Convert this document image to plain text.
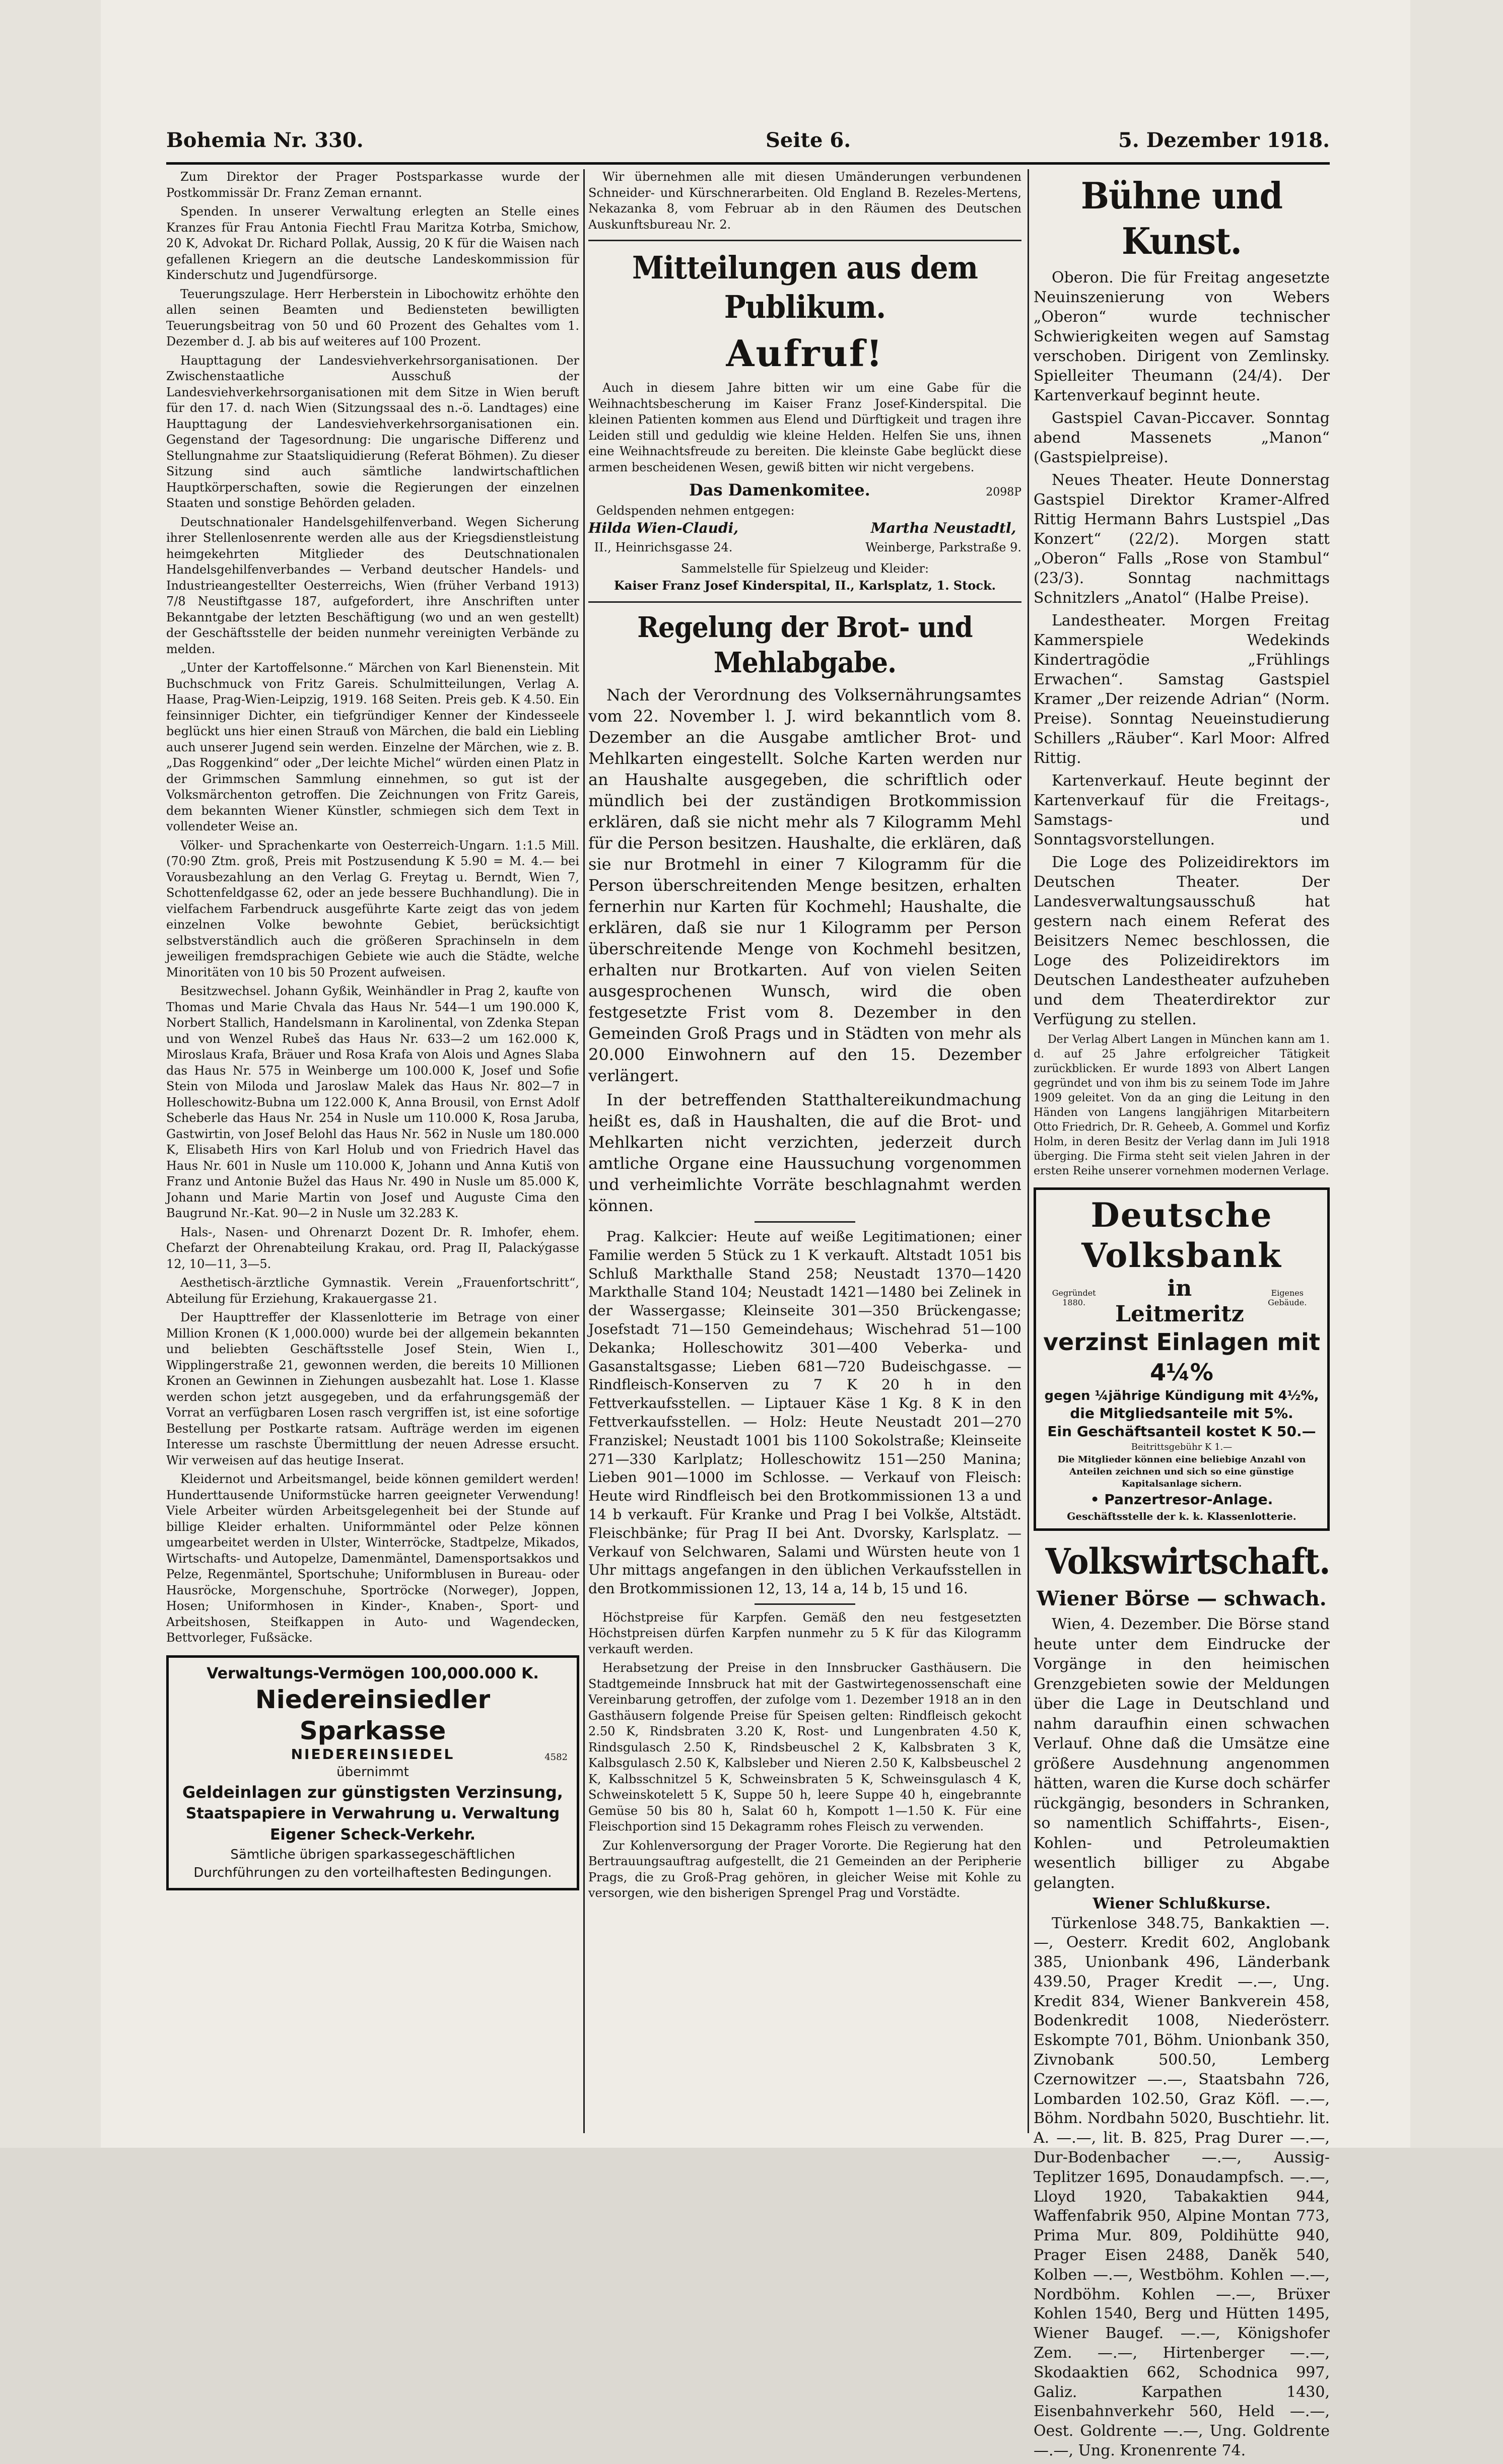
Bohemia Nr. 330.	Seite 6.	5. Dezember 1918.

Zum Direktor der Prager Postsparkasse wurde der Postkommissär Dr. Franz Zeman ernannt.

Spenden. In unserer Verwaltung erlegten an Stelle eines Kranzes für Frau Antonia Fiechtl Frau Maritza Kotrba, Smichow, 20 K, Advokat Dr. Richard Pollak, Aussig, 20 K für die Waisen nach gefallenen Kriegern an die deutsche Landeskommission für Kinderschutz und Jugendfürsorge.

Teuerungszulage. Herr Herberstein in Libochowitz erhöhte den allen seinen Beamten und Bediensteten bewilligten Teuerungsbeitrag von 50 und 60 Prozent des Gehaltes vom 1. Dezember d. J. ab bis auf weiteres auf 100 Prozent.

Haupttagung der Landesviehverkehrsorganisationen. Der Zwischenstaatliche Ausschuß der Landesviehverkehrsorganisationen mit dem Sitze in Wien beruft für den 17. d. nach Wien (Sitzungssaal des n.-ö. Landtages) eine Haupttagung der Landesviehverkehrsorganisationen ein. Gegenstand der Tagesordnung: Die ungarische Differenz und Stellungnahme zur Staatsliquidierung (Referat Böhmen). Zu dieser Sitzung sind auch sämtliche landwirtschaftlichen Hauptkörperschaften, sowie die Regierungen der einzelnen Staaten und sonstige Behörden geladen.

Deutschnationaler Handelsgehilfenverband. Wegen Sicherung ihrer Stellenlosenrente werden alle aus der Kriegsdienstleistung heimgekehrten Mitglieder des Deutschnationalen Handelsgehilfenverbandes — Verband deutscher Handels- und Industrieangestellter Oesterreichs, Wien (früher Verband 1913) 7/8 Neustiftgasse 187, aufgefordert, ihre Anschriften unter Bekanntgabe der letzten Beschäftigung (wo und an wen gestellt) der Geschäftsstelle der beiden nunmehr vereinigten Verbände zu melden.

„Unter der Kartoffelsonne.“ Märchen von Karl Bienenstein. Mit Buchschmuck von Fritz Gareis. Schulmitteilungen, Verlag A. Haase, Prag-Wien-Leipzig, 1919. 168 Seiten. Preis geb. K 4.50. Ein feinsinniger Dichter, ein tiefgründiger Kenner der Kindesseele beglückt uns hier einen Strauß von Märchen, die bald ein Liebling auch unserer Jugend sein werden. Einzelne der Märchen, wie z. B. „Das Roggenkind“ oder „Der leichte Michel“ würden einen Platz in der Grimmschen Sammlung einnehmen, so gut ist der Volksmärchenton getroffen. Die Zeichnungen von Fritz Gareis, dem bekannten Wiener Künstler, schmiegen sich dem Text in vollendeter Weise an.

Völker- und Sprachenkarte von Oesterreich-Ungarn. 1:1.5 Mill. (70:90 Ztm. groß, Preis mit Postzusendung K 5.90 = M. 4.— bei Vorausbezahlung an den Verlag G. Freytag u. Berndt, Wien 7, Schottenfeldgasse 62, oder an jede bessere Buchhandlung). Die in vielfachem Farbendruck ausgeführte Karte zeigt das von jedem einzelnen Volke bewohnte Gebiet, berücksichtigt selbstverständlich auch die größeren Sprachinseln in dem jeweiligen fremdsprachigen Gebiete wie auch die Städte, welche Minoritäten von 10 bis 50 Prozent aufweisen.

Besitzwechsel. Johann Gyßik, Weinhändler in Prag 2, kaufte von Thomas und Marie Chvala das Haus Nr. 544—1 um 190.000 K, Norbert Stallich, Handelsmann in Karolinental, von Zdenka Stepan und von Wenzel Rubeš das Haus Nr. 633—2 um 162.000 K, Miroslaus Krafa, Bräuer und Rosa Krafa von Alois und Agnes Slaba das Haus Nr. 575 in Weinberge um 100.000 K, Josef und Sofie Stein von Miloda und Jaroslaw Malek das Haus Nr. 802—7 in Holleschowitz-Bubna um 122.000 K, Anna Brousil, von Ernst Adolf Scheberle das Haus Nr. 254 in Nusle um 110.000 K, Rosa Jaruba, Gastwirtin, von Josef Belohl das Haus Nr. 562 in Nusle um 180.000 K, Elisabeth Hirs von Karl Holub und von Friedrich Havel das Haus Nr. 601 in Nusle um 110.000 K, Johann und Anna Kutiš von Franz und Antonie Bužel das Haus Nr. 490 in Nusle um 85.000 K, Johann und Marie Martin von Josef und Auguste Cima den Baugrund Nr.-Kat. 90—2 in Nusle um 32.283 K.

Hals-, Nasen- und Ohrenarzt Dozent Dr. R. Imhofer, ehem. Chefarzt der Ohrenabteilung Krakau, ord. Prag II, Palackýgasse 12, 10—11, 3—5.

Aesthetisch-ärztliche Gymnastik. Verein „Frauenfortschritt“, Abteilung für Erziehung, Krakauergasse 21.

Der Haupttreffer der Klassenlotterie im Betrage von einer Million Kronen (K 1,000.000) wurde bei der allgemein bekannten und beliebten Geschäftsstelle Josef Stein, Wien I., Wipplingerstraße 21, gewonnen werden, die bereits 10 Millionen Kronen an Gewinnen in Ziehungen ausbezahlt hat. Lose 1. Klasse werden schon jetzt ausgegeben, und da erfahrungsgemäß der Vorrat an verfügbaren Losen rasch vergriffen ist, ist eine sofortige Bestellung per Postkarte ratsam. Aufträge werden im eigenen Interesse um raschste Übermittlung der neuen Adresse ersucht. Wir verweisen auf das heutige Inserat.

Kleidernot und Arbeitsmangel, beide können gemildert werden! Hunderttausende Uniformstücke harren geeigneter Verwendung! Viele Arbeiter würden Arbeitsgelegenheit bei der Stunde auf billige Kleider erhalten. Uniformmäntel oder Pelze können umgearbeitet werden in Ulster, Winterröcke, Stadtpelze, Mikados, Wirtschafts- und Autopelze, Damenmäntel, Damensportsakkos und Pelze, Regenmäntel, Sportschuhe; Uniformblusen in Bureau- oder Hausröcke, Morgenschuhe, Sportröcke (Norweger), Joppen, Hosen; Uniformhosen in Kinder-, Knaben-, Sport- und Arbeitshosen, Steifkappen in Auto- und Wagendecken, Bettvorleger, Fußsäcke.

Verwaltungs-Vermögen 100,000.000 K.
Niedereinsiedler Sparkasse
NIEDEREINSIEDEL	4582
übernimmt
Geldeinlagen zur günstigsten Verzinsung,
Staatspapiere in Verwahrung u. Verwaltung
Eigener Scheck-Verkehr.
Sämtliche übrigen sparkassegeschäftlichen Durchführungen zu den vorteilhaftesten Bedingungen.

Wir übernehmen alle mit diesen Umänderungen verbundenen Schneider- und Kürschnerarbeiten. Old England B. Rezeles-Mertens, Nekazanka 8, vom Februar ab in den Räumen des Deutschen Auskunftsbureau Nr. 2.

Mitteilungen aus dem Publikum.
Aufruf!

Auch in diesem Jahre bitten wir um eine Gabe für die Weihnachtsbescherung im Kaiser Franz Josef-Kinderspital. Die kleinen Patienten kommen aus Elend und Dürftigkeit und tragen ihre Leiden still und geduldig wie kleine Helden. Helfen Sie uns, ihnen eine Weihnachtsfreude zu bereiten. Die kleinste Gabe beglückt diese armen bescheidenen Wesen, gewiß bitten wir nicht vergebens.

Das Damenkomitee.	2098P
Geldspenden nehmen entgegen:
Hilda Wien-Claudi,
II., Heinrichsgasse 24.
Martha Neustadtl,
Weinberge, Parkstraße 9.
Sammelstelle für Spielzeug und Kleider:
Kaiser Franz Josef Kinderspital, II., Karlsplatz, 1. Stock.
Regelung der Brot- und Mehlabgabe.

Nach der Verordnung des Volksernährungsamtes vom 22. November l. J. wird bekanntlich vom 8. Dezember an die Ausgabe amtlicher Brot- und Mehlkarten eingestellt. Solche Karten werden nur an Haushalte ausgegeben, die schriftlich oder mündlich bei der zuständigen Brotkommission erklären, daß sie nicht mehr als 7 Kilogramm Mehl für die Person besitzen. Haushalte, die erklären, daß sie nur Brotmehl in einer 7 Kilogramm für die Person überschreitenden Menge besitzen, erhalten fernerhin nur Karten für Kochmehl; Haushalte, die erklären, daß sie nur 1 Kilogramm per Person überschreitende Menge von Kochmehl besitzen, erhalten nur Brotkarten. Auf von vielen Seiten ausgesprochenen Wunsch, wird die oben festgesetzte Frist vom 8. Dezember in den Gemeinden Groß Prags und in Städten von mehr als 20.000 Einwohnern auf den 15. Dezember verlängert.

In der betreffenden Statthaltereikundmachung heißt es, daß in Haushalten, die auf die Brot- und Mehlkarten nicht verzichten, jederzeit durch amtliche Organe eine Haussuchung vorgenommen und verheimlichte Vorräte beschlagnahmt werden können.

Prag. Kalkcier: Heute auf weiße Legitimationen; einer Familie werden 5 Stück zu 1 K verkauft. Altstadt 1051 bis Schluß Markthalle Stand 258; Neustadt 1370—1420 Markthalle Stand 104; Neustadt 1421—1480 bei Zelinek in der Wassergasse; Kleinseite 301—350 Brückengasse; Josefstadt 71—150 Gemeindehaus; Wischehrad 51—100 Dekanka; Holleschowitz 301—400 Veberka- und Gasanstaltsgasse; Lieben 681—720 Budeischgasse. — Rindfleisch-Konserven zu 7 K 20 h in den Fettverkaufsstellen. — Liptauer Käse 1 Kg. 8 K in den Fettverkaufsstellen. — Holz: Heute Neustadt 201—270 Franziskel; Neustadt 1001 bis 1100 Sokolstraße; Kleinseite 271—330 Karlplatz; Holleschowitz 151—250 Manina; Lieben 901—1000 im Schlosse. — Verkauf von Fleisch: Heute wird Rindfleisch bei den Brotkommissionen 13 a und 14 b verkauft. Für Kranke und Prag I bei Volkše, Altstädt. Fleischbänke; für Prag II bei Ant. Dvorsky, Karlsplatz. — Verkauf von Selchwaren, Salami und Würsten heute von 1 Uhr mittags angefangen in den üblichen Verkaufsstellen in den Brotkommissionen 12, 13, 14 a, 14 b, 15 und 16.

Höchstpreise für Karpfen. Gemäß den neu festgesetzten Höchstpreisen dürfen Karpfen nunmehr zu 5 K für das Kilogramm verkauft werden.

Herabsetzung der Preise in den Innsbrucker Gasthäusern. Die Stadtgemeinde Innsbruck hat mit der Gastwirtegenossenschaft eine Vereinbarung getroffen, der zufolge vom 1. Dezember 1918 an in den Gasthäusern folgende Preise für Speisen gelten: Rindfleisch gekocht 2.50 K, Rindsbraten 3.20 K, Rost- und Lungenbraten 4.50 K, Rindsgulasch 2.50 K, Rindsbeuschel 2 K, Kalbsbraten 3 K, Kalbsgulasch 2.50 K, Kalbsleber und Nieren 2.50 K, Kalbsbeuschel 2 K, Kalbsschnitzel 5 K, Schweinsbraten 5 K, Schweinsgulasch 4 K, Schweinskotelett 5 K, Suppe 50 h, leere Suppe 40 h, eingebrannte Gemüse 50 bis 80 h, Salat 60 h, Kompott 1—1.50 K. Für eine Fleischportion sind 15 Dekagramm rohes Fleisch zu verwenden.

Zur Kohlenversorgung der Prager Vororte. Die Regierung hat den Bertrauungsauftrag aufgestellt, die 21 Gemeinden an der Peripherie Prags, die zu Groß-Prag gehören, in gleicher Weise mit Kohle zu versorgen, wie den bisherigen Sprengel Prag und Vorstädte.

Bühne und Kunst.

Oberon. Die für Freitag angesetzte Neuinszenierung von Webers „Oberon“ wurde technischer Schwierigkeiten wegen auf Samstag verschoben. Dirigent von Zemlinsky. Spielleiter Theumann (24/4). Der Kartenverkauf beginnt heute.

Gastspiel Cavan-Piccaver. Sonntag abend Massenets „Manon“ (Gastspielpreise).

Neues Theater. Heute Donnerstag Gastspiel Direktor Kramer-Alfred Rittig Hermann Bahrs Lustspiel „Das Konzert“ (22/2). Morgen statt „Oberon“ Falls „Rose von Stambul“ (23/3). Sonntag nachmittags Schnitzlers „Anatol“ (Halbe Preise).

Landestheater. Morgen Freitag Kammerspiele Wedekinds Kindertragödie „Frühlings Erwachen“. Samstag Gastspiel Kramer „Der reizende Adrian“ (Norm. Preise). Sonntag Neueinstudierung Schillers „Räuber“. Karl Moor: Alfred Rittig.

Kartenverkauf. Heute beginnt der Kartenverkauf für die Freitags-, Samstags- und Sonntagsvorstellungen.

Die Loge des Polizeidirektors im Deutschen Theater. Der Landesverwaltungsausschuß hat gestern nach einem Referat des Beisitzers Nemec beschlossen, die Loge des Polizeidirektors im Deutschen Landestheater aufzuheben und dem Theaterdirektor zur Verfügung zu stellen.

Der Verlag Albert Langen in München kann am 1. d. auf 25 Jahre erfolgreicher Tätigkeit zurückblicken. Er wurde 1893 von Albert Langen gegründet und von ihm bis zu seinem Tode im Jahre 1909 geleitet. Von da an ging die Leitung in den Händen von Langens langjährigen Mitarbeitern Otto Friedrich, Dr. R. Geheeb, A. Gommel und Korfiz Holm, in deren Besitz der Verlag dann im Juli 1918 überging. Die Firma steht seit vielen Jahren in der ersten Reihe unserer vornehmen modernen Verlage.

Deutsche Volksbank
Gegründet 1880.
in Leitmeritz
Eigenes Gebäude.
verzinst Einlagen mit 4¼%
gegen ¼jährige Kündigung mit 4½%,
die Mitgliedsanteile mit 5%.
Ein Geschäftsanteil kostet K 50.—
Beitrittsgebühr K 1.—
Die Mitglieder können eine beliebige Anzahl von Anteilen zeichnen und sich so eine günstige Kapitalsanlage sichern.
• Panzertresor-Anlage.
Geschäftsstelle der k. k. Klassenlotterie.
Volkswirtschaft.
Wiener Börse — schwach.

Wien, 4. Dezember. Die Börse stand heute unter dem Eindrucke der Vorgänge in den heimischen Grenzgebieten sowie der Meldungen über die Lage in Deutschland und nahm daraufhin einen schwachen Verlauf. Ohne daß die Umsätze eine größere Ausdehnung angenommen hätten, waren die Kurse doch schärfer rückgängig, besonders in Schranken, so namentlich Schiffahrts-, Eisen-, Kohlen- und Petroleumaktien wesentlich billiger zu Abgabe gelangten.

Wiener Schlußkurse.

Türkenlose 348.75, Bankaktien —.—, Oesterr. Kredit 602, Anglobank 385, Unionbank 496, Länderbank 439.50, Prager Kredit —.—, Ung. Kredit 834, Wiener Bankverein 458, Bodenkredit 1008, Niederösterr. Eskompte 701, Böhm. Unionbank 350, Zivnobank 500.50, Lemberg Czernowitzer —.—, Staatsbahn 726, Lombarden 102.50, Graz Köfl. —.—, Böhm. Nordbahn 5020, Buschtiehr. lit. A. —.—, lit. B. 825, Prag Durer —.—, Dur-Bodenbacher —.—, Aussig-Teplitzer 1695, Donaudampfsch. —.—, Lloyd 1920, Tabakaktien 944, Waffenfabrik 950, Alpine Montan 773, Prima Mur. 809, Poldihütte 940, Prager Eisen 2488, Daněk 540, Kolben —.—, Westböhm. Kohlen —.—, Nordböhm. Kohlen —.—, Brüxer Kohlen 1540, Berg und Hütten 1495, Wiener Baugef. —.—, Königshofer Zem. —.—, Hirtenberger —.—, Skodaaktien 662, Schodnica 997, Galiz. Karpathen 1430, Eisenbahnverkehr 560, Held —.—, Oest. Goldrente —.—, Ung. Goldrente —.—, Ung. Kronenrente 74.
